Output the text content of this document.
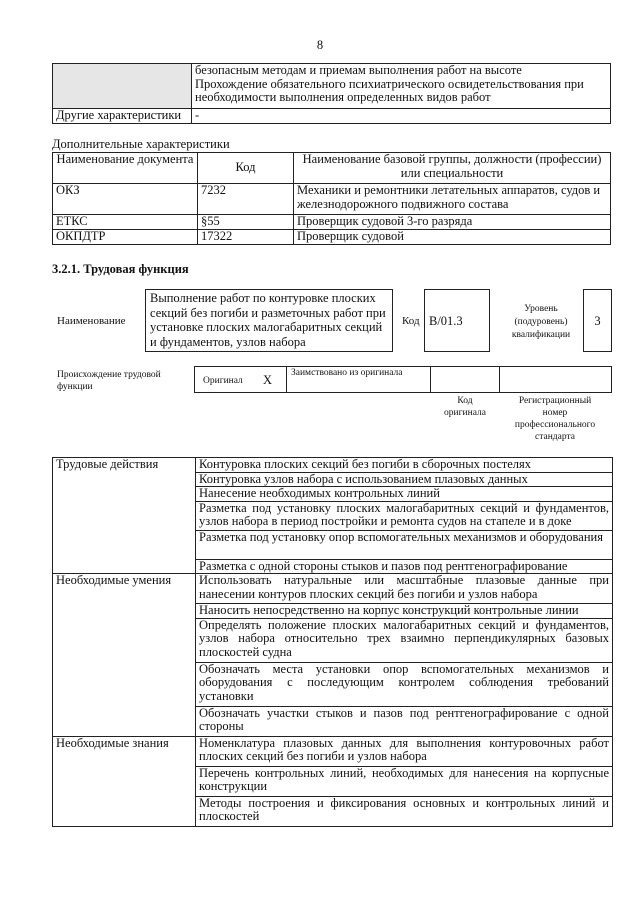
8

	безопасным методам и приемам выполнения работ на высоте
Прохождение обязательного психиатрического освидетельствования при необходимости выполнения определенных видов работ

Другие характеристики	-
Дополнительные характеристики
Наименование документа	Код	Наименование базовой группы, должности (профессии) или специальности
ОКЗ	7232	Механики и ремонтники летательных аппаратов, судов и железнодорожного подвижного состава
ЕТКС	§55	Проверщик судовой 3-го разряда
ОКПДТР	17322	Проверщик судовой
3.2.1. Трудовая функция
Наименование
Выполнение работ по контуровке плоских секций без погиби и разметочных работ при установке плоских малогабаритных секций и фундаментов, узлов набора
Код B/01.3
Уровень (подуровень) квалификации
3
Происхождение трудовой функции
Оригинал X Заимствовано из оригинала
Код оригинала
Регистрационный номер профессионального стандарта
Трудовые действия	Контуровка плоских секций без погиби в сборочных постелях
	Контуровка узлов набора с использованием плазовых данных
	Нанесение необходимых контрольных линий
	Разметка под установку плоских малогабаритных секций и фундаментов, узлов набора в период постройки и ремонта судов на стапеле и в доке
	Разметка под установку опор вспомогательных механизмов и оборудования
	Разметка с одной стороны стыков и пазов под рентгенографирование
Необходимые умения	Использовать натуральные или масштабные плазовые данные при нанесении контуров плоских секций без погиби и узлов набора
	Наносить непосредственно на корпус конструкций контрольные линии
	Определять положение плоских малогабаритных секций и фундаментов, узлов набора относительно трех взаимно перпендикулярных базовых плоскостей судна
	Обозначать места установки опор вспомогательных механизмов и оборудования с последующим контролем соблюдения требований установки
	Обозначать участки стыков и пазов под рентгенографирование с одной стороны
Необходимые знания	Номенклатура плазовых данных для выполнения контуровочных работ плоских секций без погиби и узлов набора
	Перечень контрольных линий, необходимых для нанесения на корпусные конструкции
	Методы построения и фиксирования основных и контрольных линий и плоскостей
